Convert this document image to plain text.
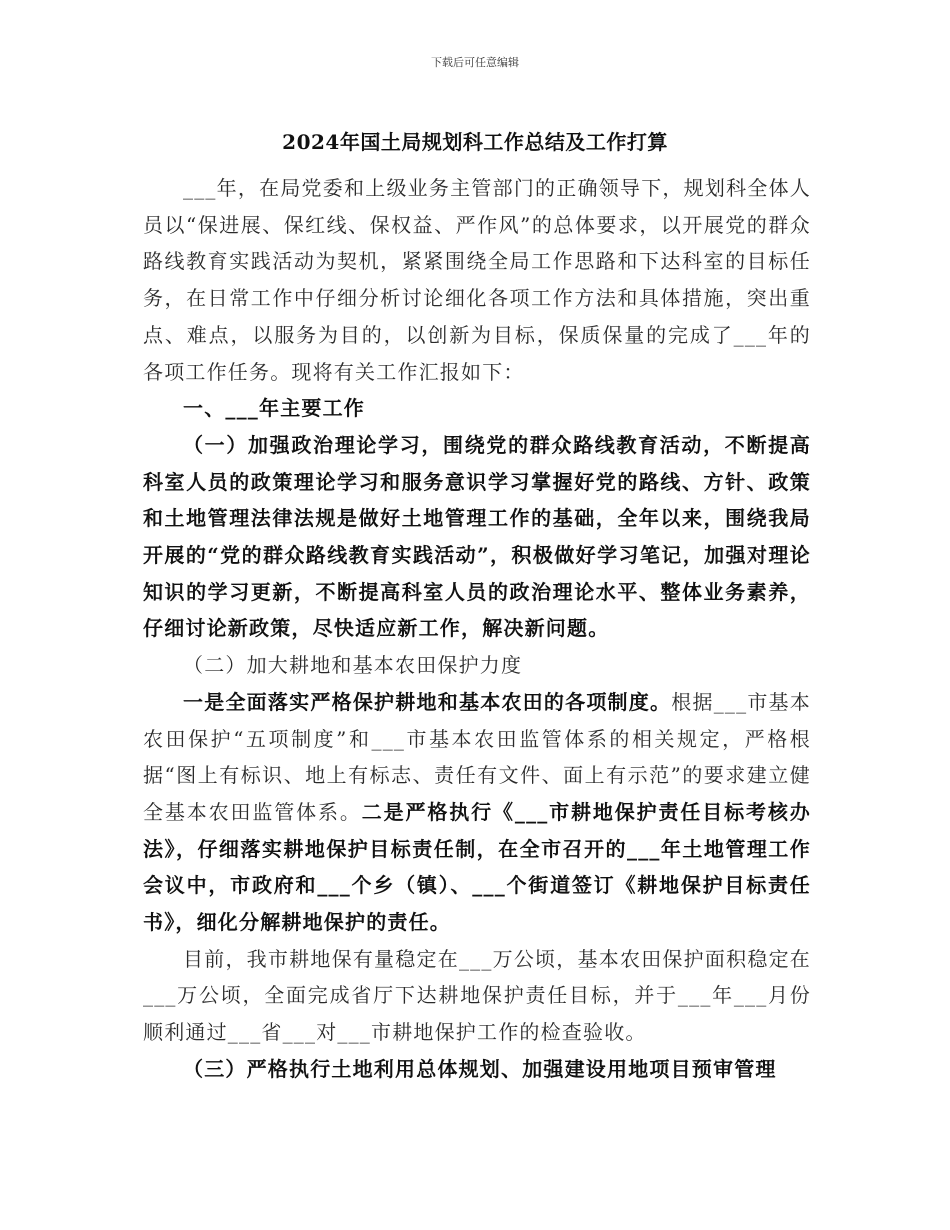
下载后可任意编辑
2024年国土局规划科工作总结及工作打算

___年，在局党委和上级业务主管部门的正确领导下，规划科全体人员以“保进展、保红线、保权益、严作风”的总体要求，以开展党的群众路线教育实践活动为契机，紧紧围绕全局工作思路和下达科室的目标任务，在日常工作中仔细分析讨论细化各项工作方法和具体措施，突出重点、难点，以服务为目的，以创新为目标，保质保量的完成了___年的各项工作任务。现将有关工作汇报如下：

一、___年主要工作

（一）加强政治理论学习，围绕党的群众路线教育活动，不断提高科室人员的政策理论学习和服务意识学习掌握好党的路线、方针、政策和土地管理法律法规是做好土地管理工作的基础，全年以来，围绕我局开展的“党的群众路线教育实践活动”，积极做好学习笔记，加强对理论知识的学习更新，不断提高科室人员的政治理论水平、整体业务素养，仔细讨论新政策，尽快适应新工作，解决新问题。

（二）加大耕地和基本农田保护力度

一是全面落实严格保护耕地和基本农田的各项制度。根据___市基本农田保护“五项制度”和___市基本农田监管体系的相关规定，严格根据“图上有标识、地上有标志、责任有文件、面上有示范”的要求建立健全基本农田监管体系。二是严格执行《___市耕地保护责任目标考核办法》，仔细落实耕地保护目标责任制，在全市召开的___年土地管理工作会议中，市政府和___个乡（镇）、___个街道签订《耕地保护目标责任书》，细化分解耕地保护的责任。

目前，我市耕地保有量稳定在___万公顷，基本农田保护面积稳定在___万公顷，全面完成省厅下达耕地保护责任目标，并于___年___月份顺利通过___省___对___市耕地保护工作的检查验收。

（三）严格执行土地利用总体规划、加强建设用地项目预审管理
